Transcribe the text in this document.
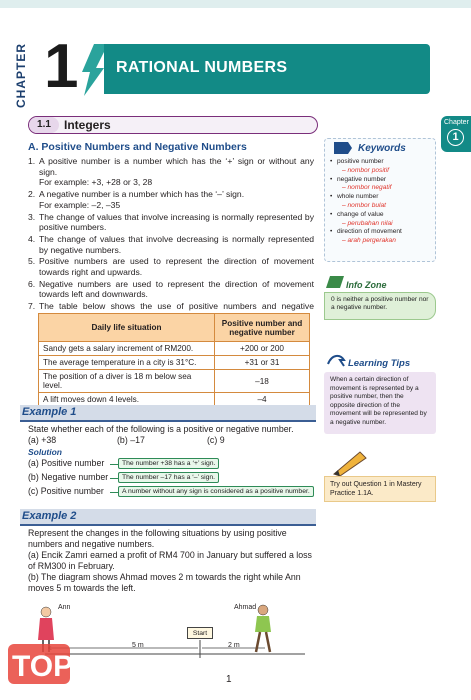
CHAPTER 1 RATIONAL NUMBERS
Chapter
1
1.1	Integers
A. Positive Numbers and Negative Numbers
1. A positive number is a number which has the ‘+’ sign or without any sign.
For example: +3, +28 or 3, 28
2. A negative number is a number which has the ‘–’ sign.
For example: –2, –35
3. The change of values that involve increasing is normally represented by positive numbers.
4. The change of values that involve decreasing is normally represented by negative numbers.
5. Positive numbers are used to represent the direction of movement towards right and upwards.
6. Negative numbers are used to represent the direction of movement towards left and downwards.
7. The table below shows the use of positive numbers and negative
Daily life situation	Positive number and negative number
Sandy gets a salary increment of RM200.	+200 or 200
The average temperature in a city is 31°C.	+31 or 31
The position of a diver is 18 m below sea level.	–18
A lift moves down 4 levels.	–4
Example 1
State whether each of the following is a positive or negative number.
(a) +38	(b) –17	(c) 9
Solution
(a) Positive number	The number +38 has a ‘+’ sign.
(b) Negative number	The number –17 has a ‘–’ sign.
(c) Positive number	A number without any sign is considered as a positive number.
Example 2
Represent the changes in the following situations by using positive numbers and negative numbers.
(a) Encik Zamri earned a profit of RM4 700 in January but suffered a loss of RM300 in February.
(b) The diagram shows Ahmad moves 2 m towards the right while Ann moves 5 m towards the left.
Ann	Ahmad
Start
5 m	2 m
Keywords
• positive number
– nombor positif
• negative number
– nombor negatif
• whole number
– nombor bulat
• change of value
– perubahan nilai
• direction of movement
– arah pergerakan
Info Zone
0 is neither a positive number nor a negative number.
Learning Tips
When a certain direction of movement is represented by a positive number, then the opposite direction of the movement will be represented by a negative number.
Try out Question 1 in Mastery Practice 1.1A.
1
TOP Books
